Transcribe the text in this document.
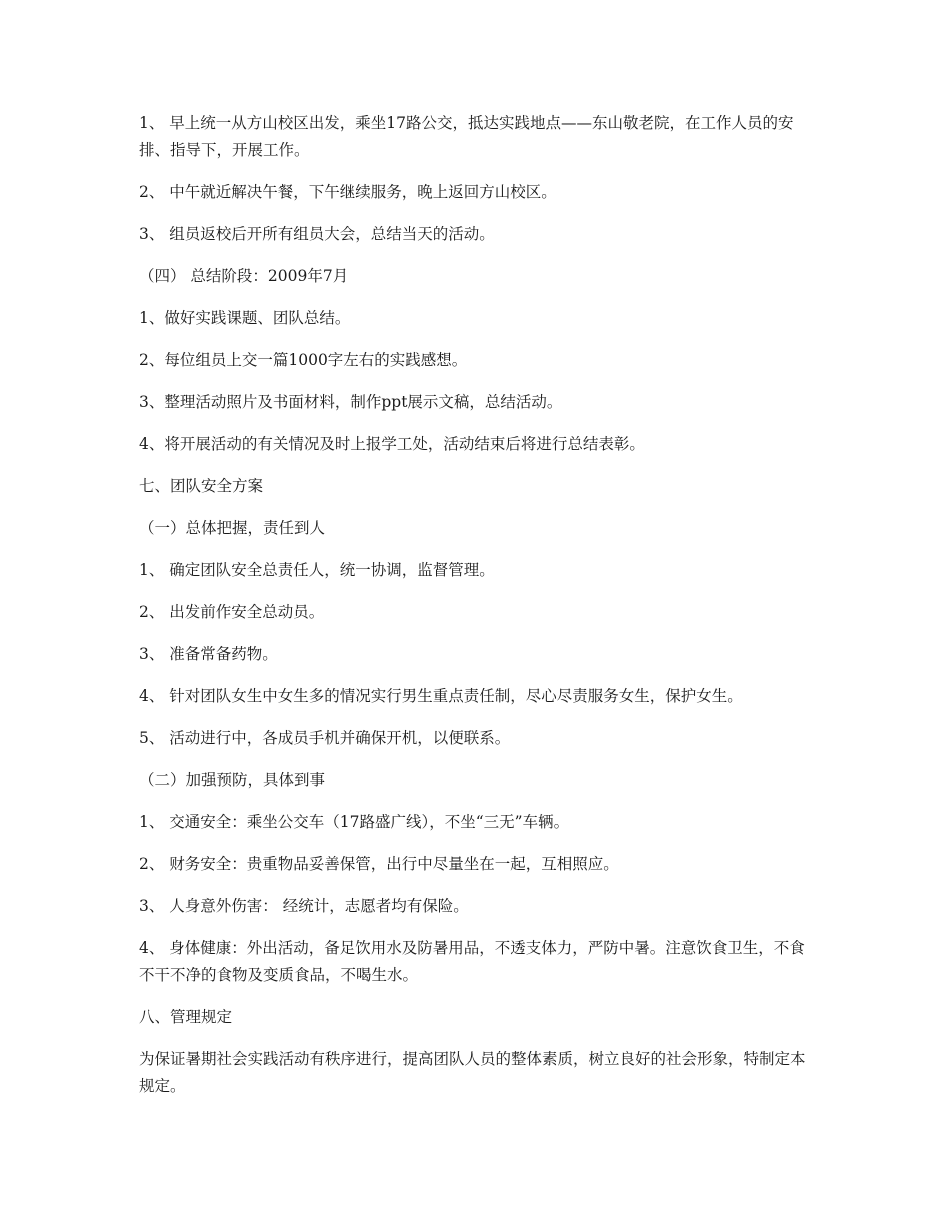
1、 早上统一从方山校区出发，乘坐17路公交，抵达实践地点——东山敬老院，在工作人员的安排、指导下，开展工作。

2、 中午就近解决午餐，下午继续服务，晚上返回方山校区。

3、 组员返校后开所有组员大会，总结当天的活动。

（四） 总结阶段：2009年7月

1、做好实践课题、团队总结。

2、每位组员上交一篇1000字左右的实践感想。

3、整理活动照片及书面材料，制作ppt展示文稿，总结活动。

4、将开展活动的有关情况及时上报学工处，活动结束后将进行总结表彰。

七、团队安全方案

（一）总体把握，责任到人

1、 确定团队安全总责任人，统一协调，监督管理。

2、 出发前作安全总动员。

3、 准备常备药物。

4、 针对团队女生中女生多的情况实行男生重点责任制，尽心尽责服务女生，保护女生。

5、 活动进行中，各成员手机并确保开机，以便联系。

（二）加强预防，具体到事

1、 交通安全：乘坐公交车（17路盛广线），不坐“三无”车辆。

2、 财务安全：贵重物品妥善保管，出行中尽量坐在一起，互相照应。

3、 人身意外伤害： 经统计，志愿者均有保险。

4、 身体健康：外出活动，备足饮用水及防暑用品，不透支体力，严防中暑。注意饮食卫生，不食不干不净的食物及变质食品，不喝生水。

八、管理规定

为保证暑期社会实践活动有秩序进行，提高团队人员的整体素质，树立良好的社会形象，特制定本规定。
